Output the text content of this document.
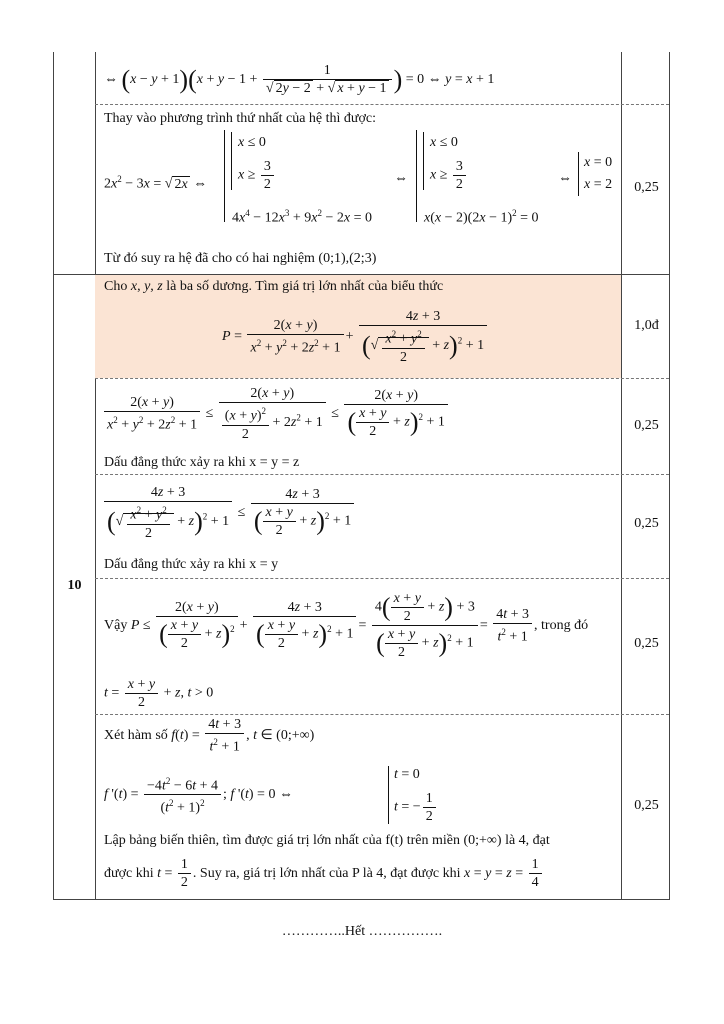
⇔ $(x - y + 1)(x + y - 1 + \frac{1}{√ 2y - 2 + √ x + y - 1}$ ) = 0 ⇔ y = x + 1
Thay vào phương trình thứ nhất của hệ thì được:
$2x^2 - 3x$ = √ 2x ⇔
x ≤ 0
$x \ge \frac{3}{2}$
$4x^4 - 12x^3 + 9x^2 - 2x = 0$
⇔
x ≤ 0
$x \ge \frac{3}{2}$
$x(x - 2)(2x - 1)^2 = 0$
⇔
x = 0
x = 2
Từ đó suy ra hệ đã cho có hai nghiệm (0;1),(2;3)
0,25
Cho x, y, z là ba số dương. Tìm giá trị lớn nhất của biểu thức
$P = \frac{2(x + y)}{x^2 + y^2 + 2z^2 + 1} + \frac{4z + 3}{(√ \frac{x^2 + y^2}{2} + z)^2 + 1}$	1,0đ
$\frac{2(x + y)}{x^2 + y^2 + 2z^2 + 1} \le \frac{2(x + y)}{\frac{(x + y)^2}{2} + 2z^2 + 1} \le \frac{2(x + y)}{( \frac{x + y}{2} + z)^2 + 1}$
Dấu đẳng thức xảy ra khi x = y = z
0,25
$\frac{4z + 3}{(√ \frac{x^2 + y^2}{2} + z)^2 + 1} \le \frac{4z + 3}{( \frac{x + y}{2} + z)^2 + 1}$
Dấu đẳng thức xảy ra khi x = y
0,25
10
Vậy $P \le \frac{2(x + y)}{( \frac{x + y}{2} + z)^2} + \frac{4z + 3}{( \frac{x + y}{2} + z)^2 + 1} = \frac{4( \frac{x + y}{2} + z) + 3}{( \frac{x + y}{2} + z)^2 + 1} = \frac{4t + 3}{t^2 + 1}$ , trong đó
$t = \frac{x + y}{2} + z$, t > 0
0,25
Xét hàm số $f(t) = \frac{4t + 3}{t^2 + 1}$ , t ∈ (0;+∞)
f '$(t) = \frac{-4t^2 - 6t + 4}{(t^2 + 1)^2}$ ; f '(t) = 0 ⇔
t = 0
t = − $\frac{1}{2}$
Lập bảng biến thiên, tìm được giá trị lớn nhất của f(t) trên miền (0;+∞) là 4, đạt
được khi $t = \frac{1}{2}$ . Suy ra, giá trị lớn nhất của P là 4, đạt được khi $x = y = z = \frac{1}{4}$
0,25
…………..Hết …………….
